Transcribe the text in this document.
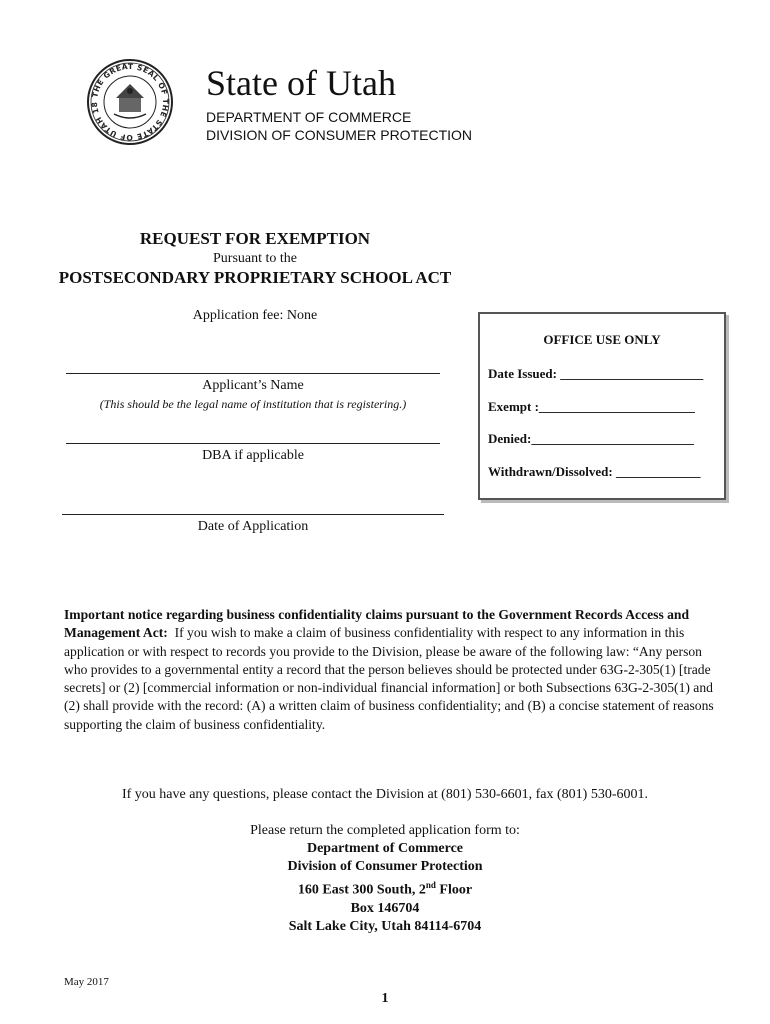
THE GREAT SEAL OF THE STATE OF UTAH 18
State of Utah
DEPARTMENT OF COMMERCE
DIVISION OF CONSUMER PROTECTION
REQUEST FOR EXEMPTION
Pursuant to the
POSTSECONDARY PROPRIETARY SCHOOL ACT
Application fee: None
Applicant’s Name
(This should be the legal name of institution that is registering.)
DBA if applicable
Date of Application
OFFICE USE ONLY
Date Issued: ______________________
Exempt :________________________
Denied:_________________________
Withdrawn/Dissolved: _____________
Important notice regarding business confidentiality claims pursuant to the Government Records Access and Management Act: If you wish to make a claim of business confidentiality with respect to any information in this application or with respect to records you provide to the Division, please be aware of the following law: “Any person who provides to a governmental entity a record that the person believes should be protected under 63G-2-305(1) [trade secrets] or (2) [commercial information or non-individual financial information] or both Subsections 63G-2-305(1) and (2) shall provide with the record: (A) a written claim of business confidentiality; and (B) a concise statement of reasons supporting the claim of business confidentiality.
If you have any questions, please contact the Division at (801) 530-6601, fax (801) 530-6001.
Please return the completed application form to:
Department of Commerce
Division of Consumer Protection
160 East 300 South, 2nd Floor
Box 146704
Salt Lake City, Utah 84114-6704
May 2017
1
